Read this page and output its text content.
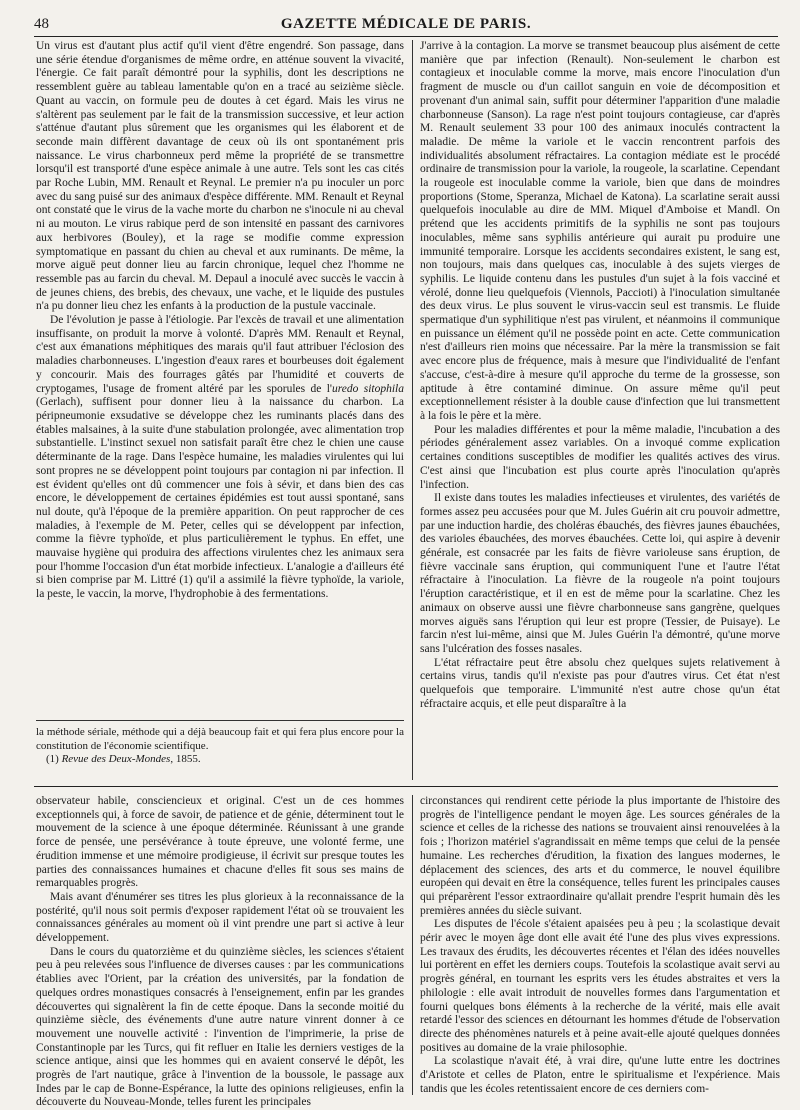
48	GAZETTE MÉDICALE DE PARIS.

Un virus est d'autant plus actif qu'il vient d'être engendré. Son passage, dans une série étendue d'organismes de même ordre, en atténue souvent la vivacité, l'énergie. Ce fait paraît démontré pour la syphilis, dont les descriptions ne ressemblent guère au tableau lamentable qu'on en a tracé au seizième siècle. Quant au vaccin, on formule peu de doutes à cet égard. Mais les virus ne s'altèrent pas seulement par le fait de la transmission successive, et leur action s'atténue d'autant plus sûrement que les organismes qui les élaborent et de seconde main diffèrent davantage de ceux où ils ont spontanément pris naissance. Le virus charbonneux perd même la propriété de se transmettre lorsqu'il est transporté d'une espèce animale à une autre. Tels sont les cas cités par Roche Lubin, MM. Renault et Reynal. Le premier n'a pu inoculer un porc avec du sang puisé sur des animaux d'espèce différente. MM. Renault et Reynal ont constaté que le virus de la vache morte du charbon ne s'inocule ni au cheval ni au mouton. Le virus rabique perd de son intensité en passant des carnivores aux herbivores (Bouley), et la rage se modifie comme expression symptomatique en passant du chien au cheval et aux ruminants. De même, la morve aiguë peut donner lieu au farcin chronique, lequel chez l'homme ne ressemble pas au farcin du cheval. M. Depaul a inoculé avec succès le vaccin à de jeunes chiens, des brebis, des chevaux, une vache, et le liquide des pustules n'a pu donner lieu chez les enfants à la production de la pustule vaccinale.

De l'évolution je passe à l'étiologie. Par l'excès de travail et une alimentation insuffisante, on produit la morve à volonté. D'après MM. Renault et Reynal, c'est aux émanations méphitiques des marais qu'il faut attribuer l'éclosion des maladies charbonneuses. L'ingestion d'eaux rares et bourbeuses doit également y concourir. Mais des fourrages gâtés par l'humidité et couverts de cryptogames, l'usage de froment altéré par les sporules de l'uredo sitophila (Gerlach), suffisent pour donner lieu à la naissance du charbon. La péripneumonie exsudative se développe chez les ruminants placés dans des étables malsaines, à la suite d'une stabulation prolongée, avec alimentation trop substantielle. L'instinct sexuel non satisfait paraît être chez le chien une cause déterminante de la rage. Dans l'espèce humaine, les maladies virulentes qui lui sont propres ne se développent point toujours par contagion ni par infection. Il est évident qu'elles ont dû commencer une fois à sévir, et dans bien des cas encore, le développement de certaines épidémies est tout aussi spontané, sans nul doute, qu'à l'époque de la première apparition. On peut rapprocher de ces maladies, à l'exemple de M. Peter, celles qui se développent par infection, comme la fièvre typhoïde, et plus particulièrement le typhus. En effet, une mauvaise hygiène qui produira des affections virulentes chez les animaux sera pour l'homme l'occasion d'un état morbide infectieux. L'analogie a d'ailleurs été si bien comprise par M. Littré (1) qu'il a assimilé la fièvre typhoïde, la variole, la peste, le vaccin, la morve, l'hydrophobie à des fermentations.

la méthode sériale, méthode qui a déjà beaucoup fait et qui fera plus encore pour la constitution de l'économie scientifique.

(1) Revue des Deux-Mondes, 1855.

J'arrive à la contagion. La morve se transmet beaucoup plus aisément de cette manière que par infection (Renault). Non-seulement le charbon est contagieux et inoculable comme la morve, mais encore l'inoculation d'un fragment de muscle ou d'un caillot sanguin en voie de décomposition et provenant d'un animal sain, suffit pour déterminer l'apparition d'une maladie charbonneuse (Sanson). La rage n'est point toujours contagieuse, car d'après M. Renault seulement 33 pour 100 des animaux inoculés contractent la maladie. De même la variole et le vaccin rencontrent parfois des individualités absolument réfractaires. La contagion médiate est le procédé ordinaire de transmission pour la variole, la rougeole, la scarlatine. Cependant la rougeole est inoculable comme la variole, bien que dans de moindres proportions (Stome, Speranza, Michael de Katona). La scarlatine serait aussi quelquefois inoculable au dire de MM. Miquel d'Amboise et Mandl. On prétend que les accidents primitifs de la syphilis ne sont pas toujours inoculables, même sans syphilis antérieure qui aurait pu produire une immunité temporaire. Lorsque les accidents secondaires existent, le sang est, non toujours, mais dans quelques cas, inoculable à des sujets vierges de syphilis. Le liquide contenu dans les pustules d'un sujet à la fois vacciné et vérolé, donne lieu quelquefois (Viennols, Paccioti) à l'inoculation simultanée des deux virus. Le plus souvent le virus-vaccin seul est transmis. Le fluide spermatique d'un syphilitique n'est pas virulent, et néanmoins il communique en puissance un élément qu'il ne possède point en acte. Cette communication n'est d'ailleurs rien moins que nécessaire. Par la mère la transmission se fait avec encore plus de fréquence, mais à mesure que l'individualité de l'enfant s'accuse, c'est-à-dire à mesure qu'il approche du terme de la grossesse, son aptitude à être contaminé diminue. On assure même qu'il peut exceptionnellement résister à la double cause d'infection que lui transmettent à la fois le père et la mère.

Pour les maladies différentes et pour la même maladie, l'incubation a des périodes généralement assez variables. On a invoqué comme explication certaines conditions susceptibles de modifier les qualités actives des virus. C'est ainsi que l'incubation est plus courte après l'inoculation qu'après l'infection.

Il existe dans toutes les maladies infectieuses et virulentes, des variétés de formes assez peu accusées pour que M. Jules Guérin ait cru pouvoir admettre, par une induction hardie, des choléras ébauchés, des fièvres jaunes ébauchées, des varioles ébauchées, des morves ébauchées. Cette loi, qui aspire à devenir générale, est consacrée par les faits de fièvre varioleuse sans éruption, de fièvre vaccinale sans éruption, qui communiquent l'une et l'autre l'état réfractaire à l'inoculation. La fièvre de la rougeole n'a point toujours l'éruption caractéristique, et il en est de même pour la scarlatine. Chez les animaux on observe aussi une fièvre charbonneuse sans gangrène, quelques morves aiguës sans l'éruption qui leur est propre (Tessier, de Puisaye). Le farcin n'est lui-même, ainsi que M. Jules Guérin l'a démontré, qu'une morve sans l'ulcération des fosses nasales.

L'état réfractaire peut être absolu chez quelques sujets relativement à certains virus, tandis qu'il n'existe pas pour d'autres virus. Cet état n'est quelquefois que temporaire. L'immunité n'est autre chose qu'un état réfractaire acquis, et elle peut disparaître à la

observateur habile, consciencieux et original. C'est un de ces hommes exceptionnels qui, à force de savoir, de patience et de génie, déterminent tout le mouvement de la science à une époque déterminée. Réunissant à une grande force de pensée, une persévérance à toute épreuve, une volonté ferme, une érudition immense et une mémoire prodigieuse, il écrivit sur presque toutes les parties des connaissances humaines et chacune d'elles fit sous ses mains de remarquables progrès.

Mais avant d'énumérer ses titres les plus glorieux à la reconnaissance de la postérité, qu'il nous soit permis d'exposer rapidement l'état où se trouvaient les connaissances générales au moment où il vint prendre une part si active à leur développement.

Dans le cours du quatorzième et du quinzième siècles, les sciences s'étaient peu à peu relevées sous l'influence de diverses causes : par les communications établies avec l'Orient, par la création des universités, par la fondation de quelques ordres monastiques consacrés à l'enseignement, enfin par les grandes découvertes qui signalèrent la fin de cette époque. Dans la seconde moitié du quinzième siècle, des événements d'une autre nature vinrent donner à ce mouvement une nouvelle activité : l'invention de l'imprimerie, la prise de Constantinople par les Turcs, qui fit refluer en Italie les derniers vestiges de la science antique, ainsi que les hommes qui en avaient conservé le dépôt, les progrès de l'art nautique, grâce à l'invention de la boussole, le passage aux Indes par le cap de Bonne-Espérance, la lutte des opinions religieuses, enfin la découverte du Nouveau-Monde, telles furent les principales

circonstances qui rendirent cette période la plus importante de l'histoire des progrès de l'intelligence pendant le moyen âge. Les sources générales de la science et celles de la richesse des nations se trouvaient ainsi renouvelées à la fois ; l'horizon matériel s'agrandissait en même temps que celui de la pensée humaine. Les recherches d'érudition, la fixation des langues modernes, le déplacement des sciences, des arts et du commerce, le nouvel équilibre européen qui devait en être la conséquence, telles furent les principales causes qui préparèrent l'essor extraordinaire qu'allait prendre l'esprit humain dès les premières années du siècle suivant.

Les disputes de l'école s'étaient apaisées peu à peu ; la scolastique devait périr avec le moyen âge dont elle avait été l'une des plus vives expressions. Les travaux des érudits, les découvertes récentes et l'élan des idées nouvelles lui portèrent en effet les derniers coups. Toutefois la scolastique avait servi au progrès général, en tournant les esprits vers les études abstraites et vers la philologie : elle avait introduit de nouvelles formes dans l'argumentation et fourni quelques bons éléments à la recherche de la vérité, mais elle avait retardé l'essor des sciences en détournant les hommes d'étude de l'observation directe des phénomènes naturels et à peine avait-elle ajouté quelques données positives au domaine de la vraie philosophie.

La scolastique n'avait été, à vrai dire, qu'une lutte entre les doctrines d'Aristote et celles de Platon, entre le spiritualisme et l'expérience. Mais tandis que les écoles retentissaient encore de ces derniers com-
